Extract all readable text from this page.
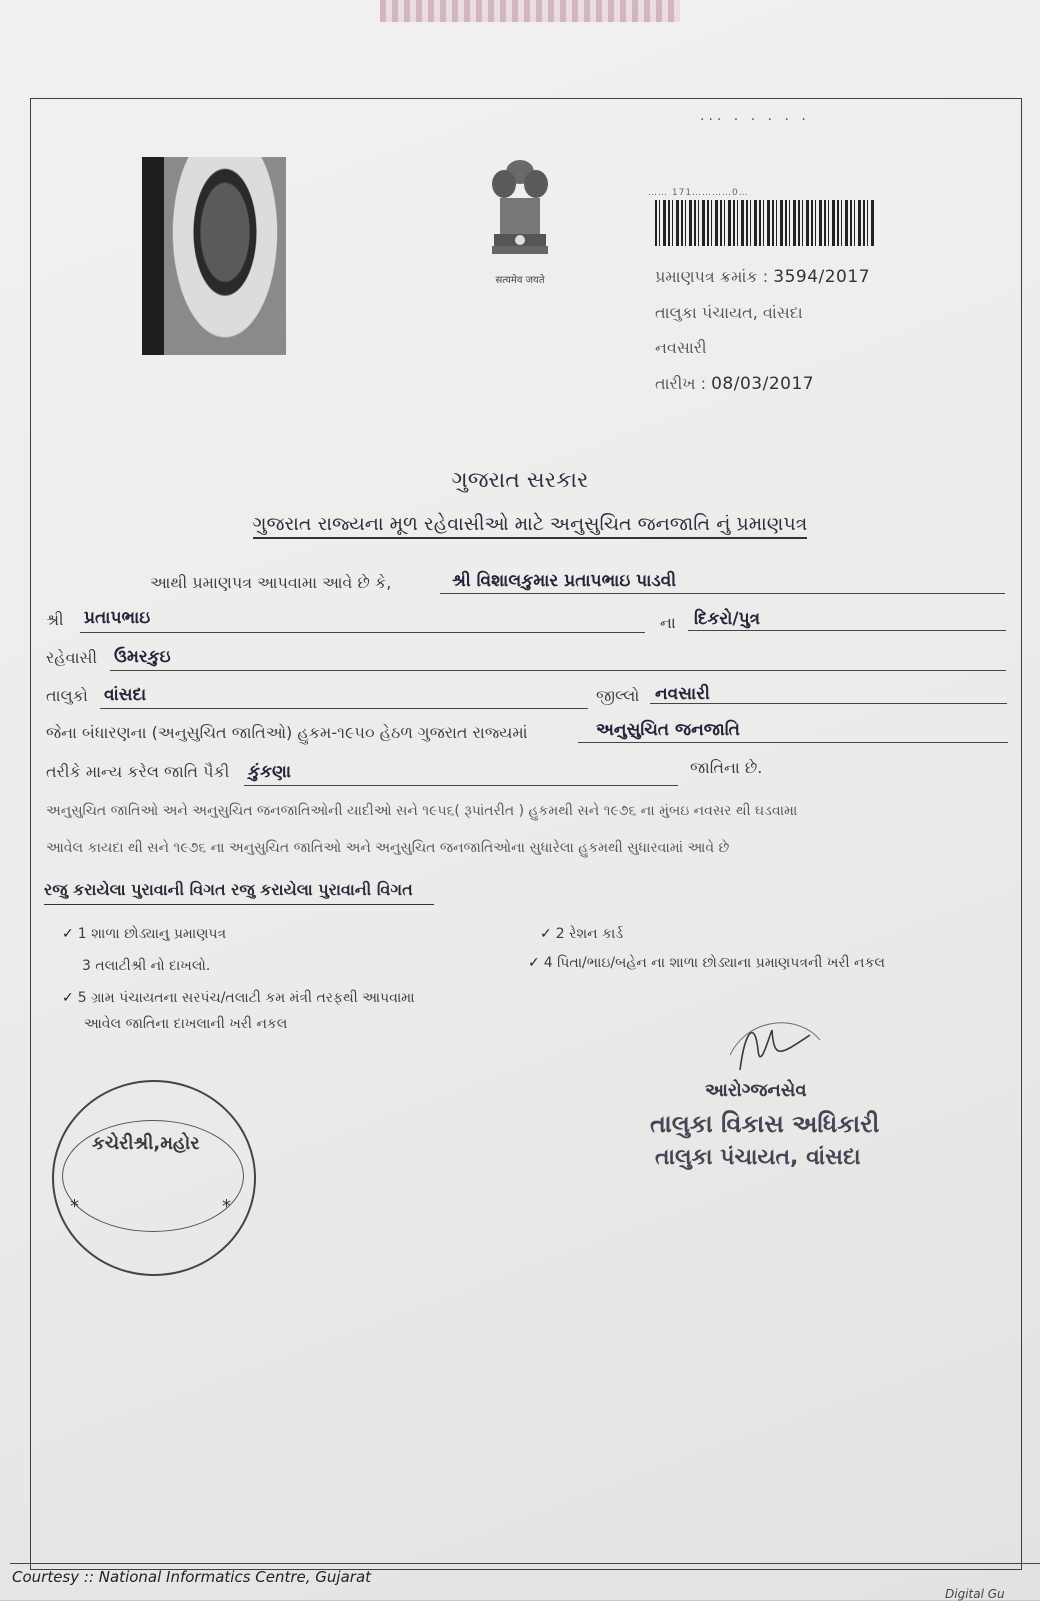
··· · · · · ·
सत्यमेव जयते
…… 171…………0…
પ્રમાણપત્ર ક્રમાંક : 3594/2017
તાલુકા પંચાયત, વાંસદા
નવસારી
તારીખ : 08/03/2017
ગુજરાત સરકાર
ગુજરાત રાજ્યના મૂળ રહેવાસીઓ માટે અનુસુચિત જનજાતિ નું પ્રમાણપત્ર
આથી પ્રમાણપત્ર આપવામા આવે છે કે,	શ્રી વિશાલકુમાર પ્રતાપભાઇ પાડવી
શ્રી પ્રતાપભાઇ	ના દિકરો/પુત્ર
રહેવાસી ઉમરકુઇ
તાલુકો વાંસદા	જીલ્લો નવસારી
જેના બંધારણના (અનુસુચિત જાતિઓ) હુકમ-૧૯૫૦ હેઠળ ગુજરાત રાજ્યમાં	અનુસુચિત જનજાતિ
તરીકે માન્ય કરેલ જાતિ પૈકી કુંકણા	જાતિના છે.
અનુસુચિત જાતિઓ અને અનુસુચિત જનજાતિઓની યાદીઓ સને ૧૯૫૬( રૂપાંતરીત ) હુકમથી સને ૧૯૭૬ ના મુંબઇ નવસર થી ઘડવામા
આવેલ કાયદા થી સને ૧૯૭૬ ના અનુસુચિત જાતિઓ અને અનુસુચિત જનજાતિઓના સુધારેલા હુકમથી સુધારવામાં આવે છે
રજુ કરાયેલા પુરાવાની વિગત રજુ કરાયેલા પુરાવાની વિગત
✓ 1 શાળા છોડ્યાનુ પ્રમાણપત્ર	✓ 2 રેશન કાર્ડ
3 તલાટીશ્રી નો દાખલો.	✓ 4 પિતા/ભાઇ/બહેન ના શાળા છોડ્યાના પ્રમાણપત્રની ખરી નકલ
✓ 5 ગ્રામ પંચાયતના સરપંચ/તલાટી કમ મંત્રી તરફથી આપવામા
આવેલ જાતિના દાખલાની ખરી નકલ
કચેરીશ્રી,મહોર
*	*
આરોગ્જનસેવ
તાલુકા વિકાસ અધિકારી
તાલુકા પંચાયત, વાંસદા
Courtesy :: National Informatics Centre, Gujarat
Digital Gu
